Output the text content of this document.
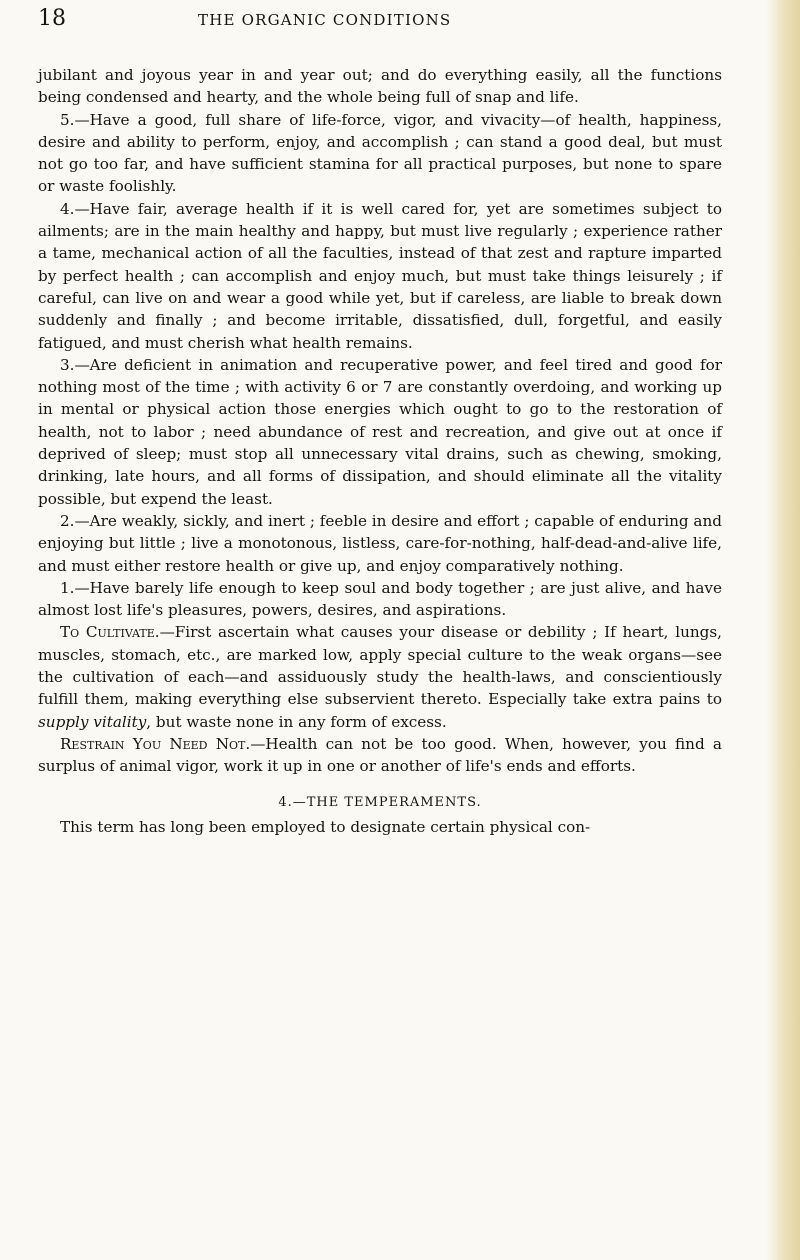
18	THE ORGANIC CONDITIONS

jubilant and joyous year in and year out; and do everything easily, all the functions being condensed and hearty, and the whole being full of snap and life.

5.—Have a good, full share of life-force, vigor, and vivacity—of health, happiness, desire and ability to perform, enjoy, and accomplish ; can stand a good deal, but must not go too far, and have sufficient stamina for all practical purposes, but none to spare or waste foolishly.

4.—Have fair, average health if it is well cared for, yet are sometimes subject to ailments; are in the main healthy and happy, but must live regularly ; experience rather a tame, mechanical action of all the faculties, instead of that zest and rapture imparted by perfect health ; can accomplish and enjoy much, but must take things leisurely ; if careful, can live on and wear a good while yet, but if careless, are liable to break down suddenly and finally ; and become irritable, dissatisfied, dull, forgetful, and easily fatigued, and must cherish what health remains.

3.—Are deficient in animation and recuperative power, and feel tired and good for nothing most of the time ; with activity 6 or 7 are constantly overdoing, and working up in mental or physical action those energies which ought to go to the restoration of health, not to labor ; need abundance of rest and recreation, and give out at once if deprived of sleep; must stop all unnecessary vital drains, such as chewing, smoking, drinking, late hours, and all forms of dissipation, and should eliminate all the vitality possible, but expend the least.

2.—Are weakly, sickly, and inert ; feeble in desire and effort ; capable of enduring and enjoying but little ; live a monotonous, listless, care-for-nothing, half-dead-and-alive life, and must either restore health or give up, and enjoy comparatively nothing.

1.—Have barely life enough to keep soul and body together ; are just alive, and have almost lost life's pleasures, powers, desires, and aspirations.

To Cultivate.—First ascertain what causes your disease or debility ; If heart, lungs, muscles, stomach, etc., are marked low, apply special culture to the weak organs—see the cultivation of each—and assiduously study the health-laws, and conscientiously fulfill them, making everything else subservient thereto. Especially take extra pains to supply vitality, but waste none in any form of excess.

Restrain You Need Not.—Health can not be too good. When, however, you find a surplus of animal vigor, work it up in one or another of life's ends and efforts.

4.—THE TEMPERAMENTS.

This term has long been employed to designate certain physical con-
